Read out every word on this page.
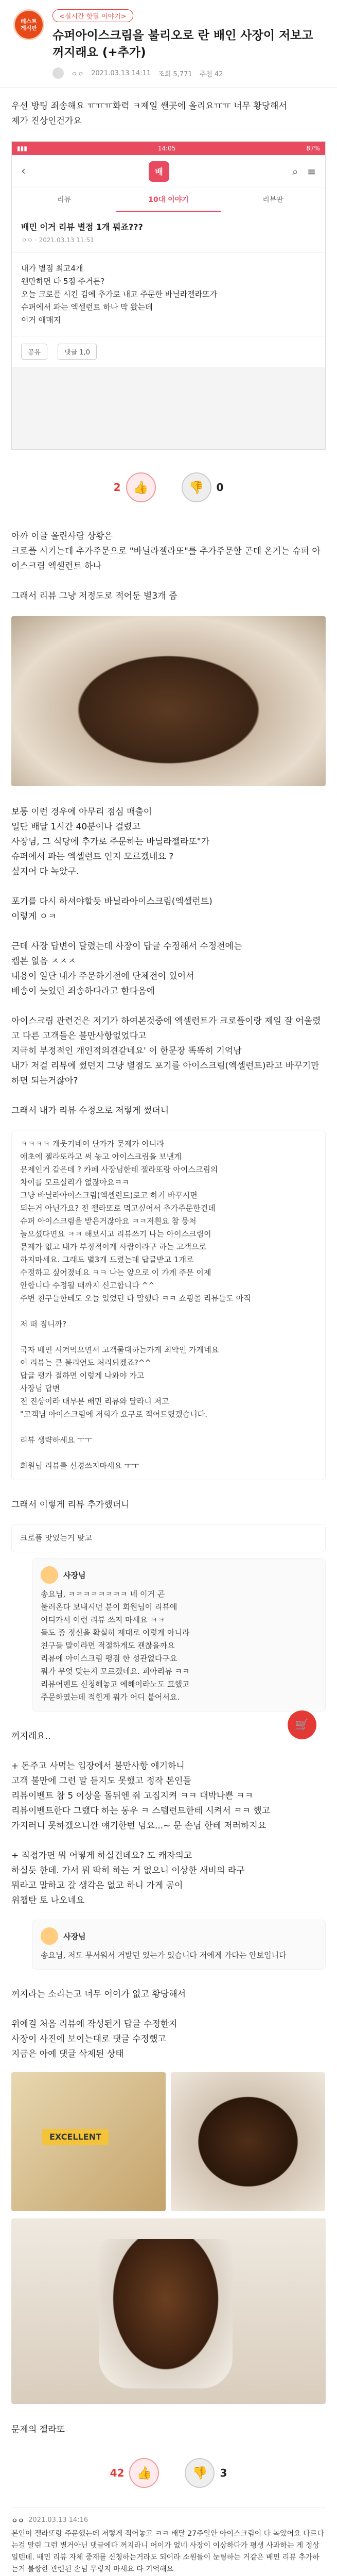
베스트
게시판
<실시간 핫딜 이야기>
슈퍼아이스크림을 불리오로 란 배인 사장이 저보고 꺼지래요 (+추가)
ㅇㅇ 2021.03.13 14:11 조회 5,771 추천 42

우선 방팅 죄송해요 ㅠㅠㅠ화력 ㅋ제일 쌘곳에 올리요ㅠㅠ 너무 황당해서

제가 진상인건가요

▮▮▮	14:05	87%
‹	배	⌕ ≡
리뷰	10대 이야기	리뷰판
배민 이거 리뷰 별점 1개 뭐죠???
ㅇㅇ · 2021.03.13 11:51

내가 별점 최고4개

웬만하면 다 5점 주거든?

오늘 크로플 시킨 김에 추가로 내고 주문한 바닐라젤라또가

슈퍼에서 파는 엑셀런트 하나 막 왔는데

이거 애매지

공유	댓글 1,0
2	👍	👎	0

아까 이글 올린사람 상황은

크로플 시키는데 추가주문으로 "바닐라젤라또"를 추가주문할 곤데 온거는 슈퍼 아이스크림 엑셀런트 하나

그래서 리뷰 그냥 저정도로 적어둔 별3개 줌

보통 이런 경우에 아무리 점심 매출이

일단 배달 1시간 40분이나 걸렸고

사장님, 그 식당에 추가로 주문하는 바닐라젤라또"가

슈퍼에서 파는 엑셀런트 인지 모르겠네요 ?

싶지어 다 녹았구.

포기를 다시 하셔야할듯 바닐라아이스크림(엑셀런트)

이렇게 ㅇㅋ

근데 사장 답변이 달렸는데 사장이 답글 수정해서 수정전에는

캡본 없음 ㅈㅈㅈ

내용이 일단 내가 주문하기전에 단체전이 있어서

배송이 늦었던 죄송하다라고 한다음에

아이스크림 관련건은 저기가 하여본것중에 엑셀런트가 크로플이랑 제일 잘 어울렸고 다른 고객들은 불만사항없었다고

지극히 부정적인 개인적의견같네요' 이 한문장 똑똑히 기억남

내가 저걸 리뷰에 썼던지 그냥 별점도 포기를 아이스크림(엑셀런트)라고 바꾸기만 하면 되는거잖아?

그래서 내가 리뷰 수정으로 저렇게 썼더니

ㅋㅋㅋㅋ 개웃기네여 단가가 문제가 아니라

애초에 젤라또라고 써 놓고 아이스크림을 보낸게

문제인거 같은데 ? 카페 사장님한테 젤라또랑 아이스크림의

차이를 모르실리가 없잖아요ㅋㅋ

그냥 바닐라아이스크림(엑셀런트)로고 하기 바꾸시면

되는거 아닌가요? 전 젤라또로 먹고싶어서 추가주문한건데

슈퍼 아이스크림을 받은거잖아요 ㅋㅋ저흰요 참 뭉처

놀으셨다면요 ㅋㅋ 해보시고 리뷰쓰기 나는 아이스크림이

문제가 없고 내가 부정적이게 사람이라구 하는 고객으로

하지마세요. 그래도 별3개 드렸는데 답글받고 1개로

수정하고 싶어졌네요 ㅋㅋ 나는 앞으로 이 가게 주문 이제

안합니다 수정될 때까지 신고합니다 ^^

주변 친구들한테도 오늘 있었던 다 말했다 ㅋㅋ 쇼핑몰 리뷰들도 아직

저 떠 짐니까?

국자 배민 시켜먹으면서 고객물대하는가게 최악인 가게네요

이 리뷰는 큰 불리언도 처리되겠죠?^^

답글 평가 절하면 이렇게 나와야 가고

사장님 답변

전 진상이라 대부분 배민 리뷰와 달라니 저고

"고객님 아이스크림에 저희가 요구로 적어드렸겠습니다.

리뷰 생략하세요 ㅜㅜ

회원님 리뷰를 신경쓰지마세요 ㅜㅜ

🛒

그래서 이렇게 리뷰 추가했더니

크로플 맛있는거 맞고
사장님

송요님, ㅋㅋㅋㅋㅋㅋㅋㅋ 네 이거 곤

불러온다 보내시던 분이 회원님이 리뷰에

어디가서 이런 리뷰 쓰지 마세요 ㅋㅋ

들도 좀 정신을 확실히 제대로 이렇게 아니라

친구들 말이라면 적절하게도 괜찮을까요

리뷰에 아이스크림 평점 한 성관없다구요

뭐가 무엇 맞는지 모르겠네요. 피아리뷰 ㅋㅋ

리뷰어벤트 신청해놓고 에헤이라노도 표했고

주문하였는데 적힌게 뭐가 어디 붙어서요.

꺼지래요..

+ 돈주고 사먹는 입장에서 불만사항 얘기하니

고객 불만에 그런 말 듣지도 못했고 정작 본인들

리뷰이벤트 참 5 이상을 돌뒤엔 줘 고집지켜 ㅋㅋ 대박나쁜 ㅋㅋ

리뷰이벤트한다 그랬다 하는 동우 ㅋ 스템런트한테 시켜서 ㅋㅋ 했고

가지러니 못하겠으니깐 얘기한번 넘요...~ 문 손님 한테 저러하지요

+ 직접가면 뭐 어떻게 하실건데요? 도 캐자의고

하실듯 한데. 가서 뭐 딱히 하는 거 없으니 이상한 새비의 라구

뭐라고 말하고 갈 생각은 없고 하니 가게 공이

위챕탄 토 나오네요

사장님
송요님, 저도 무서워서 거받던 있는가 있습니다 저에게 가다는 안보입니다

꺼지라는 소리는고 너무 어이가 없고 황당해서

위에걸 처음 리뷰에 작성된거 답글 수정한지

사장이 사진에 보이는대로 댓글 수정했고

지금은 아예 댓글 삭제된 상태

EXCELLENT

문제의 젤라또

42	👍	👎	3
ㅇㅇ 2021.03.13 14:16
본인이 젤라또랑 주문했는데 저렇게 적어놓고 ㅋㅋ 배달 27주일안 아이스크림이 다 녹았어요 다르다는걸 말린 그런 별거아닌 댓글에다 꺼지라니 어이가 없네 사장이 이상하다가 평생 사과하는 게 정상 일텐데. 배민 리뷰 자체 중재를 신청하는거라도 되어라 소원들이 눈팅하는 거같은 배민 리뷰 추가하는거 불쌍한 관련된 손님 무렇지 마세요 다 기억해요
